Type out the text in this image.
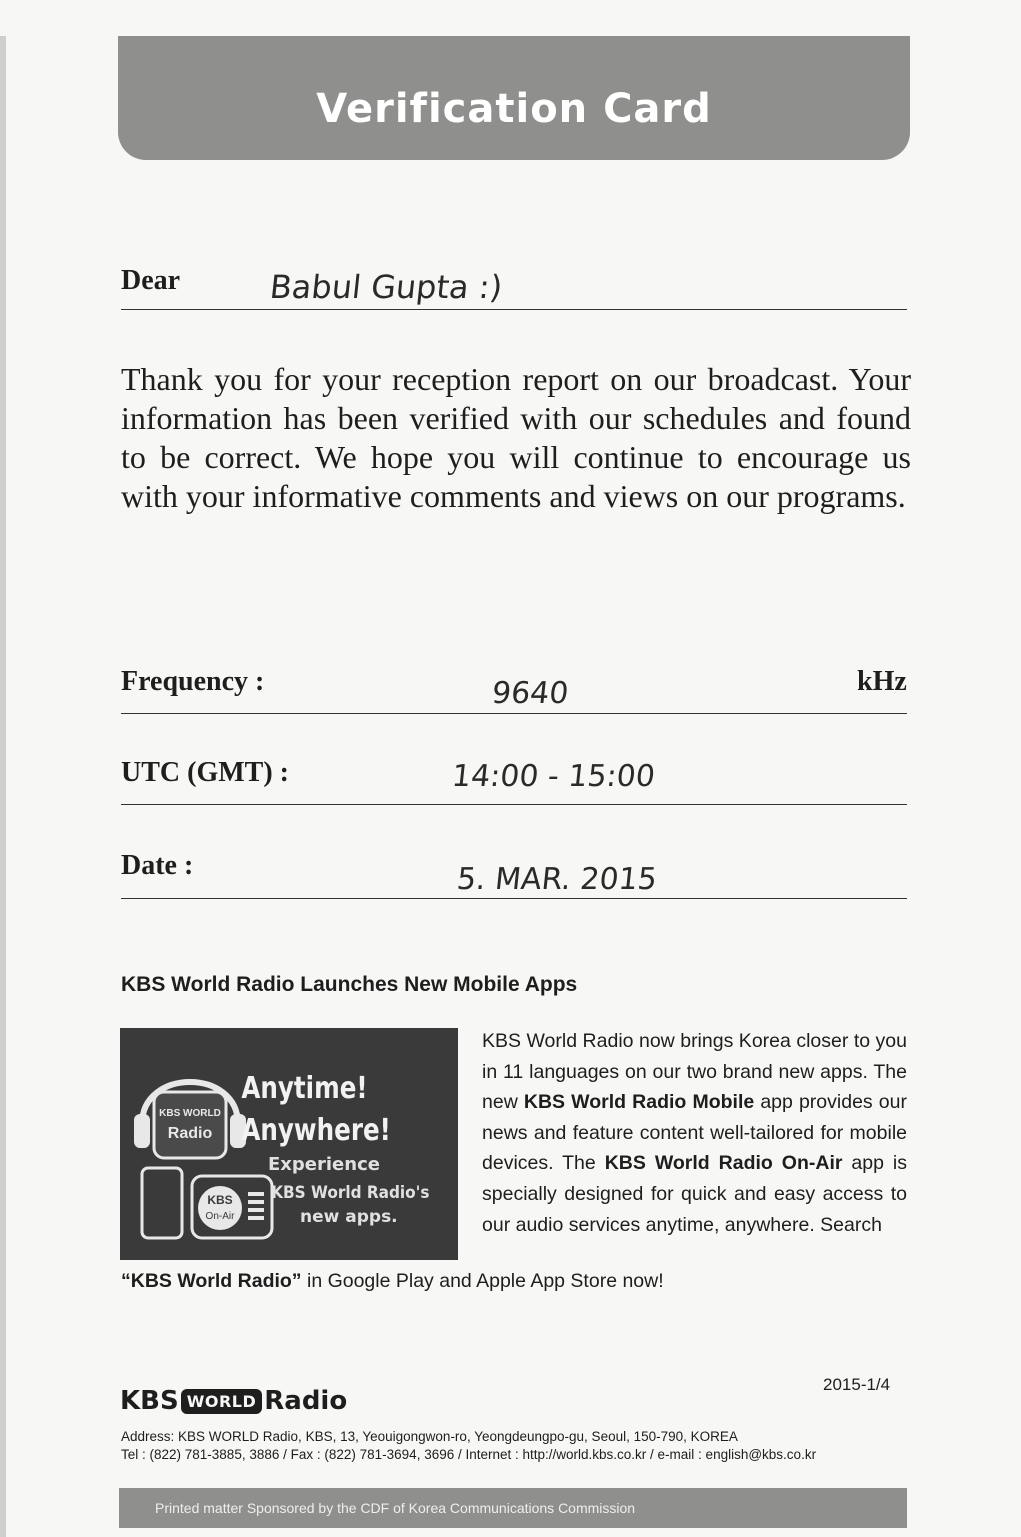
Verification Card
Dear	Babul Gupta :)
Thank you for your reception report on our broadcast. Your information has been verified with our schedules and found to be correct. We hope you will continue to encourage us with your informative comments and views on our programs.
Frequency :	9640	kHz
UTC (GMT) :	14:00 - 15:00
Date :	5. MAR. 2015
KBS World Radio Launches New Mobile Apps
KBS WORLD
Radio
KBS
On-Air
Anytime!
Anywhere!
Experience
KBS World Radio's
new apps.
KBS World Radio now brings Korea closer to you in 11 languages on our two brand new apps. The new KBS World Radio Mobile app provides our news and feature content well-tailored for mobile devices. The KBS World Radio On-Air app is specially designed for quick and easy access to our audio services anytime, anywhere. Search
“KBS World Radio” in Google Play and Apple App Store now!
2015-1/4
KBS WORLD Radio
Address: KBS WORLD Radio, KBS, 13, Yeouigongwon-ro, Yeongdeungpo-gu, Seoul, 150-790, KOREA
Tel : (822) 781-3885, 3886 / Fax : (822) 781-3694, 3696 / Internet : http://world.kbs.co.kr / e-mail : english@kbs.co.kr
Printed matter Sponsored by the CDF of Korea Communications Commission
